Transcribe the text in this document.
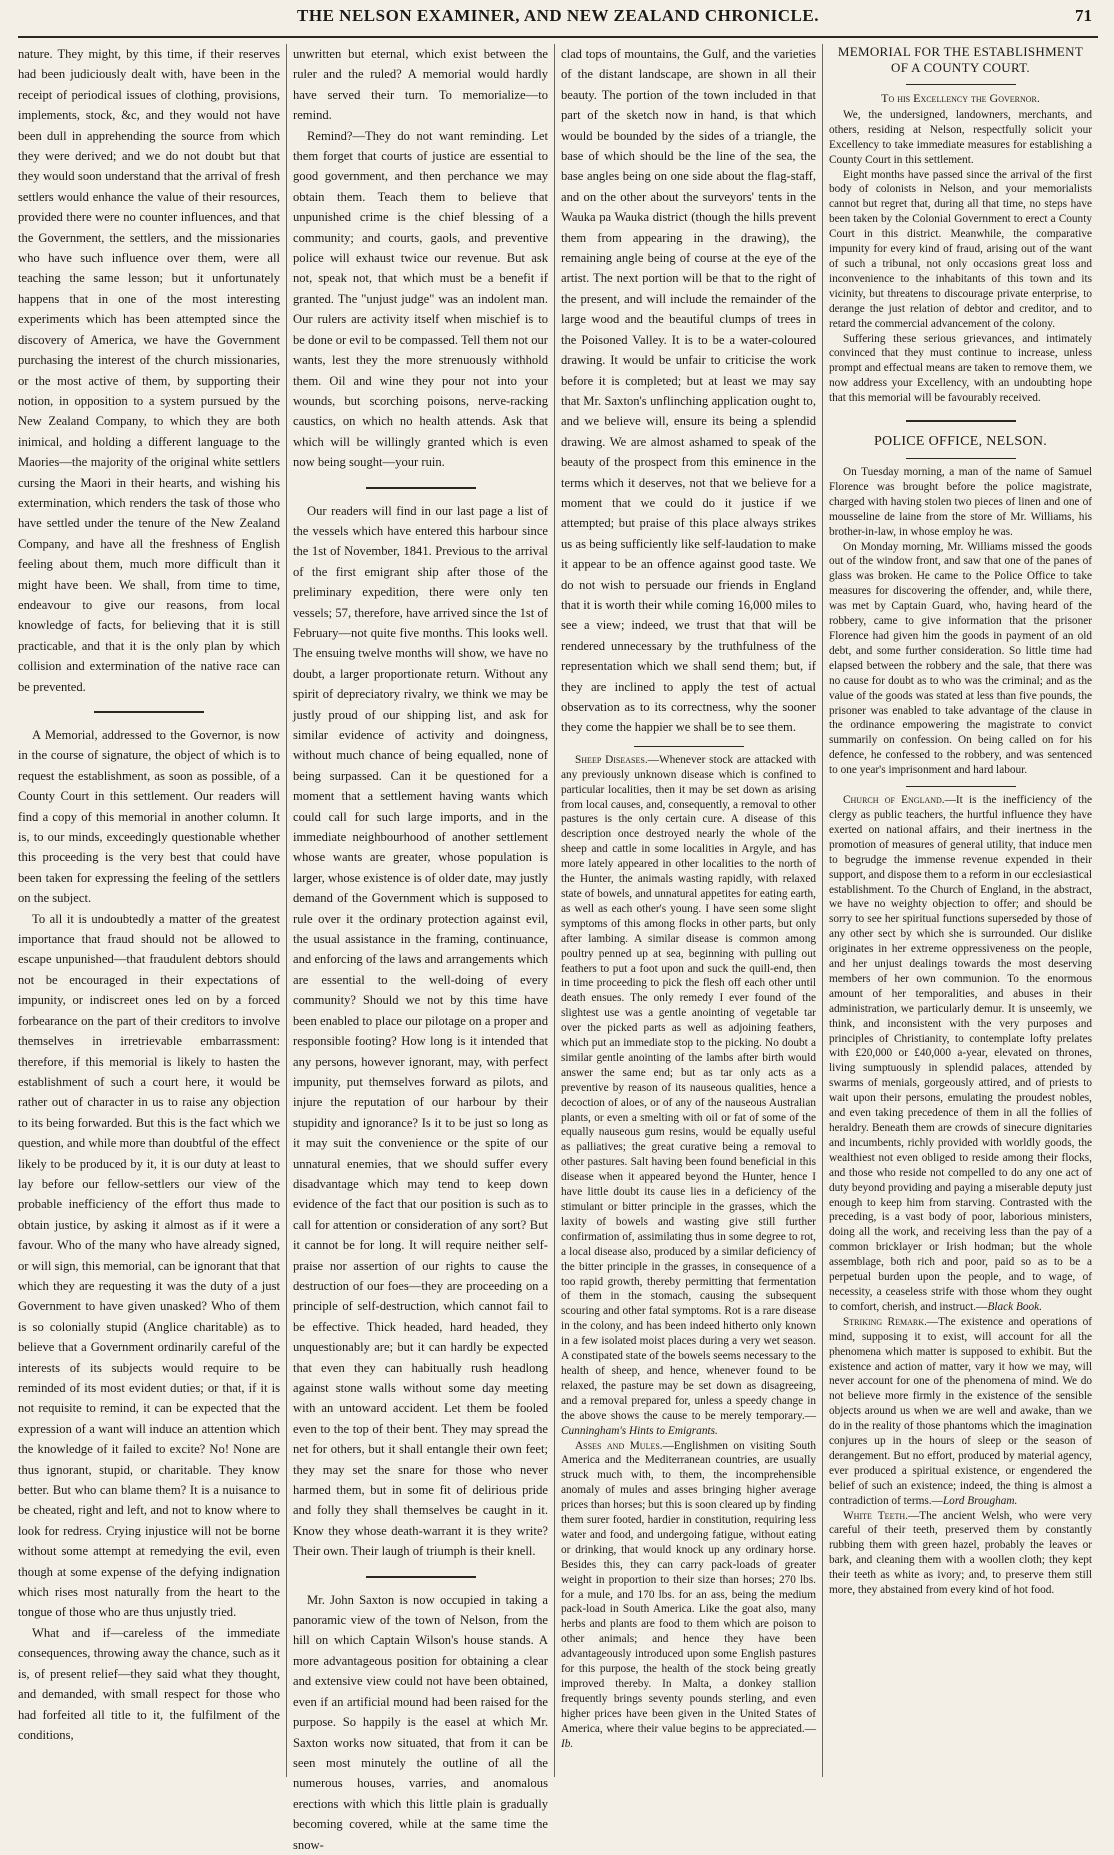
THE NELSON EXAMINER, AND NEW ZEALAND CHRONICLE.	71

nature. They might, by this time, if their reserves had been judiciously dealt with, have been in the receipt of periodical issues of clothing, provisions, implements, stock, &c, and they would not have been dull in apprehending the source from which they were derived; and we do not doubt but that they would soon understand that the arrival of fresh settlers would enhance the value of their resources, provided there were no counter influences, and that the Government, the settlers, and the missionaries who have such influence over them, were all teaching the same lesson; but it unfortunately happens that in one of the most interesting experiments which has been attempted since the discovery of America, we have the Government purchasing the interest of the church missionaries, or the most active of them, by supporting their notion, in opposition to a system pursued by the New Zealand Company, to which they are both inimical, and holding a different language to the Maories—the majority of the original white settlers cursing the Maori in their hearts, and wishing his extermination, which renders the task of those who have settled under the tenure of the New Zealand Company, and have all the freshness of English feeling about them, much more difficult than it might have been. We shall, from time to time, endeavour to give our reasons, from local knowledge of facts, for believing that it is still practicable, and that it is the only plan by which collision and extermination of the native race can be prevented.

A Memorial, addressed to the Governor, is now in the course of signature, the object of which is to request the establishment, as soon as possible, of a County Court in this settlement. Our readers will find a copy of this memorial in another column. It is, to our minds, exceedingly questionable whether this proceeding is the very best that could have been taken for expressing the feeling of the settlers on the subject.

To all it is undoubtedly a matter of the greatest importance that fraud should not be allowed to escape unpunished—that fraudulent debtors should not be encouraged in their expectations of impunity, or indiscreet ones led on by a forced forbearance on the part of their creditors to involve themselves in irretrievable embarrassment: therefore, if this memorial is likely to hasten the establishment of such a court here, it would be rather out of character in us to raise any objection to its being forwarded. But this is the fact which we question, and while more than doubtful of the effect likely to be produced by it, it is our duty at least to lay before our fellow-settlers our view of the probable inefficiency of the effort thus made to obtain justice, by asking it almost as if it were a favour. Who of the many who have already signed, or will sign, this memorial, can be ignorant that that which they are requesting it was the duty of a just Government to have given unasked? Who of them is so colonially stupid (Anglice charitable) as to believe that a Government ordinarily careful of the interests of its subjects would require to be reminded of its most evident duties; or that, if it is not requisite to remind, it can be expected that the expression of a want will induce an attention which the knowledge of it failed to excite? No! None are thus ignorant, stupid, or charitable. They know better. But who can blame them? It is a nuisance to be cheated, right and left, and not to know where to look for redress. Crying injustice will not be borne without some attempt at remedying the evil, even though at some expense of the defying indignation which rises most naturally from the heart to the tongue of those who are thus unjustly tried.

What and if—careless of the immediate consequences, throwing away the chance, such as it is, of present relief—they said what they thought, and demanded, with small respect for those who had forfeited all title to it, the fulfilment of the conditions,

unwritten but eternal, which exist between the ruler and the ruled? A memorial would hardly have served their turn. To memorialize—to remind.

Remind?—They do not want reminding. Let them forget that courts of justice are essential to good government, and then perchance we may obtain them. Teach them to believe that unpunished crime is the chief blessing of a community; and courts, gaols, and preventive police will exhaust twice our revenue. But ask not, speak not, that which must be a benefit if granted. The "unjust judge" was an indolent man. Our rulers are activity itself when mischief is to be done or evil to be compassed. Tell them not our wants, lest they the more strenuously withhold them. Oil and wine they pour not into your wounds, but scorching poisons, nerve-racking caustics, on which no health attends. Ask that which will be willingly granted which is even now being sought—your ruin.

Our readers will find in our last page a list of the vessels which have entered this harbour since the 1st of November, 1841. Previous to the arrival of the first emigrant ship after those of the preliminary expedition, there were only ten vessels; 57, therefore, have arrived since the 1st of February—not quite five months. This looks well. The ensuing twelve months will show, we have no doubt, a larger proportionate return. Without any spirit of depreciatory rivalry, we think we may be justly proud of our shipping list, and ask for similar evidence of activity and doingness, without much chance of being equalled, none of being surpassed. Can it be questioned for a moment that a settlement having wants which could call for such large imports, and in the immediate neighbourhood of another settlement whose wants are greater, whose population is larger, whose existence is of older date, may justly demand of the Government which is supposed to rule over it the ordinary protection against evil, the usual assistance in the framing, continuance, and enforcing of the laws and arrangements which are essential to the well-doing of every community? Should we not by this time have been enabled to place our pilotage on a proper and responsible footing? How long is it intended that any persons, however ignorant, may, with perfect impunity, put themselves forward as pilots, and injure the reputation of our harbour by their stupidity and ignorance? Is it to be just so long as it may suit the convenience or the spite of our unnatural enemies, that we should suffer every disadvantage which may tend to keep down evidence of the fact that our position is such as to call for attention or consideration of any sort? But it cannot be for long. It will require neither self-praise nor assertion of our rights to cause the destruction of our foes—they are proceeding on a principle of self-destruction, which cannot fail to be effective. Thick headed, hard headed, they unquestionably are; but it can hardly be expected that even they can habitually rush headlong against stone walls without some day meeting with an untoward accident. Let them be fooled even to the top of their bent. They may spread the net for others, but it shall entangle their own feet; they may set the snare for those who never harmed them, but in some fit of delirious pride and folly they shall themselves be caught in it. Know they whose death-warrant it is they write? Their own. Their laugh of triumph is their knell.

Mr. John Saxton is now occupied in taking a panoramic view of the town of Nelson, from the hill on which Captain Wilson's house stands. A more advantageous position for obtaining a clear and extensive view could not have been obtained, even if an artificial mound had been raised for the purpose. So happily is the easel at which Mr. Saxton works now situated, that from it can be seen most minutely the outline of all the numerous houses, varries, and anomalous erections with which this little plain is gradually becoming covered, while at the same time the snow-

clad tops of mountains, the Gulf, and the varieties of the distant landscape, are shown in all their beauty. The portion of the town included in that part of the sketch now in hand, is that which would be bounded by the sides of a triangle, the base of which should be the line of the sea, the base angles being on one side about the flag-staff, and on the other about the surveyors' tents in the Wauka pa Wauka district (though the hills prevent them from appearing in the drawing), the remaining angle being of course at the eye of the artist. The next portion will be that to the right of the present, and will include the remainder of the large wood and the beautiful clumps of trees in the Poisoned Valley. It is to be a water-coloured drawing. It would be unfair to criticise the work before it is completed; but at least we may say that Mr. Saxton's unflinching application ought to, and we believe will, ensure its being a splendid drawing. We are almost ashamed to speak of the beauty of the prospect from this eminence in the terms which it deserves, not that we believe for a moment that we could do it justice if we attempted; but praise of this place always strikes us as being sufficiently like self-laudation to make it appear to be an offence against good taste. We do not wish to persuade our friends in England that it is worth their while coming 16,000 miles to see a view; indeed, we trust that that will be rendered unnecessary by the truthfulness of the representation which we shall send them; but, if they are inclined to apply the test of actual observation as to its correctness, why the sooner they come the happier we shall be to see them.

Sheep Diseases.—Whenever stock are attacked with any previously unknown disease which is confined to particular localities, then it may be set down as arising from local causes, and, consequently, a removal to other pastures is the only certain cure. A disease of this description once destroyed nearly the whole of the sheep and cattle in some localities in Argyle, and has more lately appeared in other localities to the north of the Hunter, the animals wasting rapidly, with relaxed state of bowels, and unnatural appetites for eating earth, as well as each other's young. I have seen some slight symptoms of this among flocks in other parts, but only after lambing. A similar disease is common among poultry penned up at sea, beginning with pulling out feathers to put a foot upon and suck the quill-end, then in time proceeding to pick the flesh off each other until death ensues. The only remedy I ever found of the slightest use was a gentle anointing of vegetable tar over the picked parts as well as adjoining feathers, which put an immediate stop to the picking. No doubt a similar gentle anointing of the lambs after birth would answer the same end; but as tar only acts as a preventive by reason of its nauseous qualities, hence a decoction of aloes, or of any of the nauseous Australian plants, or even a smelting with oil or fat of some of the equally nauseous gum resins, would be equally useful as palliatives; the great curative being a removal to other pastures. Salt having been found beneficial in this disease when it appeared beyond the Hunter, hence I have little doubt its cause lies in a deficiency of the stimulant or bitter principle in the grasses, which the laxity of bowels and wasting give still further confirmation of, assimilating thus in some degree to rot, a local disease also, produced by a similar deficiency of the bitter principle in the grasses, in consequence of a too rapid growth, thereby permitting that fermentation of them in the stomach, causing the subsequent scouring and other fatal symptoms. Rot is a rare disease in the colony, and has been indeed hitherto only known in a few isolated moist places during a very wet season. A constipated state of the bowels seems necessary to the health of sheep, and hence, whenever found to be relaxed, the pasture may be set down as disagreeing, and a removal prepared for, unless a speedy change in the above shows the cause to be merely temporary.—Cunningham's Hints to Emigrants.

Asses and Mules.—Englishmen on visiting South America and the Mediterranean countries, are usually struck much with, to them, the incomprehensible anomaly of mules and asses bringing higher average prices than horses; but this is soon cleared up by finding them surer footed, hardier in constitution, requiring less water and food, and undergoing fatigue, without eating or drinking, that would knock up any ordinary horse. Besides this, they can carry pack-loads of greater weight in proportion to their size than horses; 270 lbs. for a mule, and 170 lbs. for an ass, being the medium pack-load in South America. Like the goat also, many herbs and plants are food to them which are poison to other animals; and hence they have been advantageously introduced upon some English pastures for this purpose, the health of the stock being greatly improved thereby. In Malta, a donkey stallion frequently brings seventy pounds sterling, and even higher prices have been given in the United States of America, where their value begins to be appreciated.—Ib.

MEMORIAL FOR THE ESTABLISHMENT OF A COUNTY COURT.
To his Excellency the Governor.

We, the undersigned, landowners, merchants, and others, residing at Nelson, respectfully solicit your Excellency to take immediate measures for establishing a County Court in this settlement.

Eight months have passed since the arrival of the first body of colonists in Nelson, and your memorialists cannot but regret that, during all that time, no steps have been taken by the Colonial Government to erect a County Court in this district. Meanwhile, the comparative impunity for every kind of fraud, arising out of the want of such a tribunal, not only occasions great loss and inconvenience to the inhabitants of this town and its vicinity, but threatens to discourage private enterprise, to derange the just relation of debtor and creditor, and to retard the commercial advancement of the colony.

Suffering these serious grievances, and intimately convinced that they must continue to increase, unless prompt and effectual means are taken to remove them, we now address your Excellency, with an undoubting hope that this memorial will be favourably received.

POLICE OFFICE, NELSON.

On Tuesday morning, a man of the name of Samuel Florence was brought before the police magistrate, charged with having stolen two pieces of linen and one of mousseline de laine from the store of Mr. Williams, his brother-in-law, in whose employ he was.

On Monday morning, Mr. Williams missed the goods out of the window front, and saw that one of the panes of glass was broken. He came to the Police Office to take measures for discovering the offender, and, while there, was met by Captain Guard, who, having heard of the robbery, came to give information that the prisoner Florence had given him the goods in payment of an old debt, and some further consideration. So little time had elapsed between the robbery and the sale, that there was no cause for doubt as to who was the criminal; and as the value of the goods was stated at less than five pounds, the prisoner was enabled to take advantage of the clause in the ordinance empowering the magistrate to convict summarily on confession. On being called on for his defence, he confessed to the robbery, and was sentenced to one year's imprisonment and hard labour.

Church of England.—It is the inefficiency of the clergy as public teachers, the hurtful influence they have exerted on national affairs, and their inertness in the promotion of measures of general utility, that induce men to begrudge the immense revenue expended in their support, and dispose them to a reform in our ecclesiastical establishment. To the Church of England, in the abstract, we have no weighty objection to offer; and should be sorry to see her spiritual functions superseded by those of any other sect by which she is surrounded. Our dislike originates in her extreme oppressiveness on the people, and her unjust dealings towards the most deserving members of her own communion. To the enormous amount of her temporalities, and abuses in their administration, we particularly demur. It is unseemly, we think, and inconsistent with the very purposes and principles of Christianity, to contemplate lofty prelates with £20,000 or £40,000 a-year, elevated on thrones, living sumptuously in splendid palaces, attended by swarms of menials, gorgeously attired, and of priests to wait upon their persons, emulating the proudest nobles, and even taking precedence of them in all the follies of heraldry. Beneath them are crowds of sinecure dignitaries and incumbents, richly provided with worldly goods, the wealthiest not even obliged to reside among their flocks, and those who reside not compelled to do any one act of duty beyond providing and paying a miserable deputy just enough to keep him from starving. Contrasted with the preceding, is a vast body of poor, laborious ministers, doing all the work, and receiving less than the pay of a common bricklayer or Irish hodman; but the whole assemblage, both rich and poor, paid so as to be a perpetual burden upon the people, and to wage, of necessity, a ceaseless strife with those whom they ought to comfort, cherish, and instruct.—Black Book.

Striking Remark.—The existence and operations of mind, supposing it to exist, will account for all the phenomena which matter is supposed to exhibit. But the existence and action of matter, vary it how we may, will never account for one of the phenomena of mind. We do not believe more firmly in the existence of the sensible objects around us when we are well and awake, than we do in the reality of those phantoms which the imagination conjures up in the hours of sleep or the season of derangement. But no effort, produced by material agency, ever produced a spiritual existence, or engendered the belief of such an existence; indeed, the thing is almost a contradiction of terms.—Lord Brougham.

White Teeth.—The ancient Welsh, who were very careful of their teeth, preserved them by constantly rubbing them with green hazel, probably the leaves or bark, and cleaning them with a woollen cloth; they kept their teeth as white as ivory; and, to preserve them still more, they abstained from every kind of hot food.
